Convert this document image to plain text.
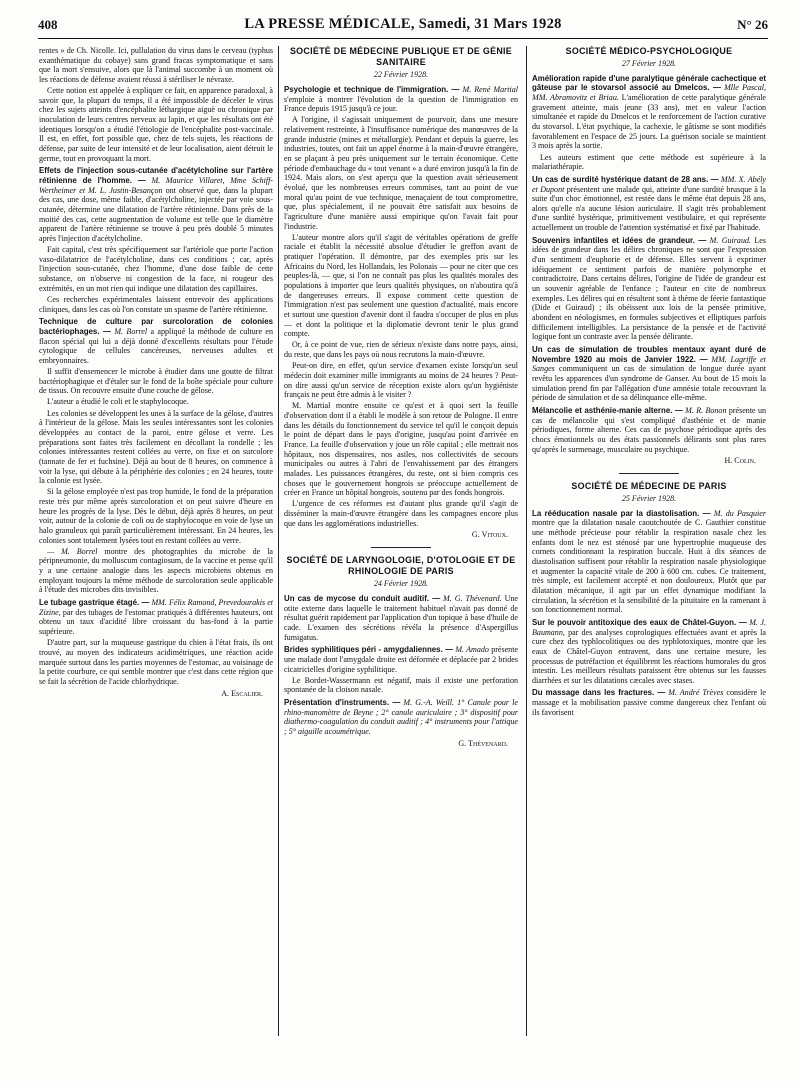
408	LA PRESSE MÉDICALE, Samedi, 31 Mars 1928	N° 26

rentes » de Ch. Nicolle. Ici, pullulation du virus dans le cerveau (typhus exanthématique du cobaye) sans grand fracas symptomatique et sans que la mort s'ensuive, alors que là l'animal succombe à un moment où les réactions de défense avaient réussi à stériliser le névraxe.

Cette notion est appelée à expliquer ce fait, en apparence paradoxal, à savoir que, la plupart du temps, il a été impossible de déceler le virus chez les sujets atteints d'encéphalite léthargique aiguë ou chronique par inoculation de leurs centres nerveux au lapin, et que les résultats ont été identiques lorsqu'on a étudié l'étiologie de l'encéphalite post-vaccinale. Il est, en effet, fort possible que, chez de tels sujets, les réactions de défense, par suite de leur intensité et de leur localisation, aient détruit le germe, tout en provoquant la mort.

Effets de l'injection sous-cutanée d'acétylcholine sur l'artère rétinienne de l'homme. — M. Maurice Villaret, Mme Schiff-Wertheimer et M. L. Justin-Besançon ont observé que, dans la plupart des cas, une dose, même faible, d'acétylcholine, injectée par voie sous-cutanée, détermine une dilatation de l'artère rétinienne. Dans près de la moitié des cas, cette augmentation de volume est telle que le diamètre apparent de l'artère rétinienne se trouve à peu près doublé 5 minutes après l'injection d'acétylcholine.

Fait capital, c'est très spécifiquement sur l'artériole que porte l'action vaso-dilatatrice de l'acétylcholine, dans ces conditions ; car, après l'injection sous-cutanée, chez l'homme, d'une dose faible de cette substance, on n'observe ni congestion de la face, ni rougeur des extrémités, en un mot rien qui indique une dilatation des capillaires.

Ces recherches expérimentales laissent entrevoir des applications cliniques, dans les cas où l'on constate un spasme de l'artère rétinienne.

Technique de culture par surcoloration de colonies bactériophages. — M. Borrel a appliqué la méthode de culture en flacon spécial qui lui a déjà donné d'excellents résultats pour l'étude cytologique de cellules cancéreuses, nerveuses adultes et embryonnaires.

Il suffit d'ensemencer le microbe à étudier dans une goutte de filtrat bactériophagique et d'étaler sur le fond de la boîte spéciale pour culture de tissus. On recouvre ensuite d'une couche de gélose.

L'auteur a étudié le coli et le staphylocoque.

Les colonies se développent les unes à la surface de la gélose, d'autres à l'intérieur de la gélose. Mais les seules intéressantes sont les colonies développées au contact de la paroi, entre gélose et verre. Les préparations sont faites très facilement en décollant la rondelle ; les colonies intéressantes restent collées au verre, on fixe et on surcolore (tannate de fer et fuchsine). Déjà au bout de 8 heures, on commence à voir la lyse, qui débute à la périphérie des colonies ; en 24 heures, toute la colonie est lysée.

Si la gélose employée n'est pas trop humide, le fond de la préparation reste très pur même après surcoloration et on peut suivre d'heure en heure les progrès de la lyse. Dès le début, déjà après 8 heures, on peut voir, autour de la colonie de coli ou de staphylocoque en voie de lyse un halo granuleux qui paraît particulièrement intéressant. En 24 heures, les colonies sont totalement lysées tout en restant collées au verre.

— M. Borrel montre des photographies du microbe de la péripneumonie, du molluscum contagiosum, de la vaccine et pense qu'il y a une certaine analogie dans les aspects microbiens obtenus en employant toujours la même méthode de surcoloration seule applicable à l'étude des microbes dits invisibles.

Le tubage gastrique étagé. — MM. Félix Ramond, Prevedourakis et Zizine, par des tubages de l'estomac pratiqués à différentes hauteurs, ont obtenu un taux d'acidité libre croissant du bas-fond à la partie supérieure.

D'autre part, sur la muqueuse gastrique du chien à l'état frais, ils ont trouvé, au moyen des indicateurs acidimétriques, une réaction acide marquée surtout dans les parties moyennes de l'estomac, au voisinage de la petite courbure, ce qui semble montrer que c'est dans cette région que se fait la sécrétion de l'acide chlorhydrique.

A. Escalier.

SOCIÉTÉ DE MÉDECINE PUBLIQUE ET DE GÉNIE SANITAIRE

22 Février 1928.

Psychologie et technique de l'immigration. — M. René Martial s'emploie à montrer l'évolution de la question de l'immigration en France depuis 1915 jusqu'à ce jour.

A l'origine, il s'agissait uniquement de pourvoir, dans une mesure relativement restreinte, à l'insuffisance numérique des manœuvres de la grande industrie (mines et métallurgie). Pendant et depuis la guerre, les industries, toutes, ont fait un appel énorme à la main-d'œuvre étrangère, en se plaçant à peu près uniquement sur le terrain économique. Cette période d'embauchage du « tout venant » a duré environ jusqu'à la fin de 1924. Mais alors, on s'est aperçu que la question avait sérieusement évolué, que les nombreuses erreurs commises, tant au point de vue moral qu'au point de vue technique, menaçaient de tout compromettre, que, plus spécialement, il ne pouvait être satisfait aux besoins de l'agriculture d'une manière aussi empirique qu'on l'avait fait pour l'industrie.

L'auteur montre alors qu'il s'agit de véritables opérations de greffe raciale et établit la nécessité absolue d'étudier le greffon avant de pratiquer l'opération. Il démontre, par des exemples pris sur les Africains du Nord, les Hollandais, les Polonais — pour ne citer que ces peuples-là, — que, si l'on ne connaît pas plus les qualités morales des populations à importer que leurs qualités physiques, on n'aboutira qu'à de dangereuses erreurs. Il expose comment cette question de l'immigration n'est pas seulement une question d'actualité, mais encore et surtout une question d'avenir dont il faudra s'occuper de plus en plus — et dont la politique et la diplomatie devront tenir le plus grand compte.

Or, à ce point de vue, rien de sérieux n'existe dans notre pays, ainsi, du reste, que dans les pays où nous recrutons la main-d'œuvre.

Peut-on dire, en effet, qu'un service d'examen existe lorsqu'un seul médecin doit examiner mille immigrants au moins de 24 heures ? Peut-on dire aussi qu'un service de réception existe alors qu'un hygiéniste français ne peut être admis à le visiter ?

M. Martial montre ensuite ce qu'est et à quoi sert la feuille d'observation dont il a établi le modèle à son retour de Pologne. Il entre dans les détails du fonctionnement du service tel qu'il le conçoit depuis le point de départ dans le pays d'origine, jusqu'au point d'arrivée en France. La feuille d'observation y joue un rôle capital ; elle mettrait nos hôpitaux, nos dispensaires, nos asiles, nos collectivités de secours municipales ou autres à l'abri de l'envahissement par des étrangers malades. Les puissances étrangères, du reste, ont si bien compris ces choses que le gouvernement hongrois se préoccupe actuellement de créer en France un hôpital hongrois, soutenu par des fonds hongrois.

L'urgence de ces réformes est d'autant plus grande qu'il s'agit de disséminer la main-d'œuvre étrangère dans les campagnes encore plus que dans les agglomérations industrielles.

G. Vitoux.

SOCIÉTÉ DE LARYNGOLOGIE, D'OTOLOGIE ET DE RHINOLOGIE DE PARIS

24 Février 1928.

Un cas de mycose du conduit auditif. — M. G. Thévenard. Une otite externe dans laquelle le traitement habituel n'avait pas donné de résultat guérit rapidement par l'application d'un topique à base d'huile de cade. L'examen des sécrétions révéla la présence d'Aspergillus fumigatus.

Brides syphilitiques péri - amygdaliennes. — M. Amado présente une malade dont l'amygdale droite est déformée et déplacée par 2 brides cicatricielles d'origine syphilitique.

Le Bordet-Wassermann est négatif, mais il existe une perforation spontanée de la cloison nasale.

Présentation d'instruments. — M. G.-A. Weill. 1° Canule pour le rhino-manomètre de Beyne ; 2° canule auriculaire ; 3° dispositif pour diathermo-coagulation du conduit auditif ; 4° instruments pour l'attique ; 5° aiguille acoumétrique.

G. Thévenard.

SOCIÉTÉ MÉDICO-PSYCHOLOGIQUE

27 Février 1928.

Amélioration rapide d'une paralytique générale cachectique et gâteuse par le stovarsol associé au Dmelcos. — Mlle Pascal, MM. Abramovitz et Briau. L'amélioration de cette paralytique générale gravement atteinte, mais jeune (33 ans), met en valeur l'action simultanée et rapide du Dmelcos et le renforcement de l'action curative du stovarsol. L'état psychique, la cachexie, le gâtisme se sont modifiés favorablement en l'espace de 25 jours. La guérison sociale se maintient 3 mois après la sortie.

Les auteurs estiment que cette méthode est supérieure à la malariathérapie.

Un cas de surdité hystérique datant de 28 ans. — MM. X. Abély et Dupont présentent une malade qui, atteinte d'une surdité brusque à la suite d'un choc émotionnel, est restée dans le même état depuis 28 ans, alors qu'elle n'a aucune lésion auriculaire. Il s'agit très probablement d'une surdité hystérique, primitivement vestibulaire, et qui représente actuellement un trouble de l'attention systématisé et fixé par l'habitude.

Souvenirs infantiles et idées de grandeur. — M. Guiraud. Les idées de grandeur dans les délires chroniques ne sont que l'expression d'un sentiment d'euphorie et de défense. Elles servent à exprimer idéiquement ce sentiment parfois de manière polymorphe et contradictoire. Dans certains délires, l'origine de l'idée de grandeur est un souvenir agréable de l'enfance ; l'auteur en cite de nombreux exemples. Les délires qui en résultent sont à thème de féerie fantastique (Dide et Guiraud) ; ils obéissent aux lois de la pensée primitive, abondent en néologismes, en formules subjectives et elliptiques parfois difficilement intelligibles. La persistance de la pensée et de l'activité logique font un contraste avec la pensée délirante.

Un cas de simulation de troubles mentaux ayant duré de Novembre 1920 au mois de Janvier 1922. — MM. Lagriffe et Sanges communiquent un cas de simulation de longue durée ayant revêtu les apparences d'un syndrome de Ganser. Au bout de 15 mois la simulation prend fin par l'allégation d'une amnésie totale recouvrant la période de simulation et de sa délinquance elle-même.

Mélancolie et asthénie-manie alterne. — M. R. Bonon présente un cas de mélancolie qui s'est compliqué d'asthénie et de manie périodiques, forme alterne. Ces cas de psychose périodique après des chocs émotionnels ou des états passionnels délirants sont plus rares qu'après le surmenage, musculaire ou psychique.

H. Colin.

SOCIÉTÉ DE MÉDECINE DE PARIS

25 Février 1928.

La rééducation nasale par la diastolisation. — M. du Pasquier montre que la dilatation nasale caoutchoutée de C. Gauthier constitue une méthode précieuse pour rétablir la respiration nasale chez les enfants dont le nez est sténosé par une hypertrophie muqueuse des cornets conditionnant la respiration buccale. Huit à dix séances de diastolisation suffisent pour rétablir la respiration nasale physiologique et augmenter la capacité vitale de 200 à 600 cm. cubes. Ce traitement, très simple, est facilement accepté et non douloureux. Plutôt que par dilatation mécanique, il agit par un effet dynamique modifiant la circulation, la sécrétion et la sensibilité de la pituitaire en la ramenant à son fonctionnement normal.

Sur le pouvoir antitoxique des eaux de Châtel-Guyon. — M. J. Baumann, par des analyses coprologiques effectuées avant et après la cure chez des typhlocolitiques ou des typhlotoxiques, montre que les eaux de Châtel-Guyon entravent, dans une certaine mesure, les processus de putréfaction et équilibrent les réactions humorales du gros intestin. Les meilleurs résultats paraissent être obtenus sur les fausses diarrhées et sur les dilatations cæcales avec stases.

Du massage dans les fractures. — M. André Trèves considère le massage et la mobilisation passive comme dangereux chez l'enfant où ils favorisent
